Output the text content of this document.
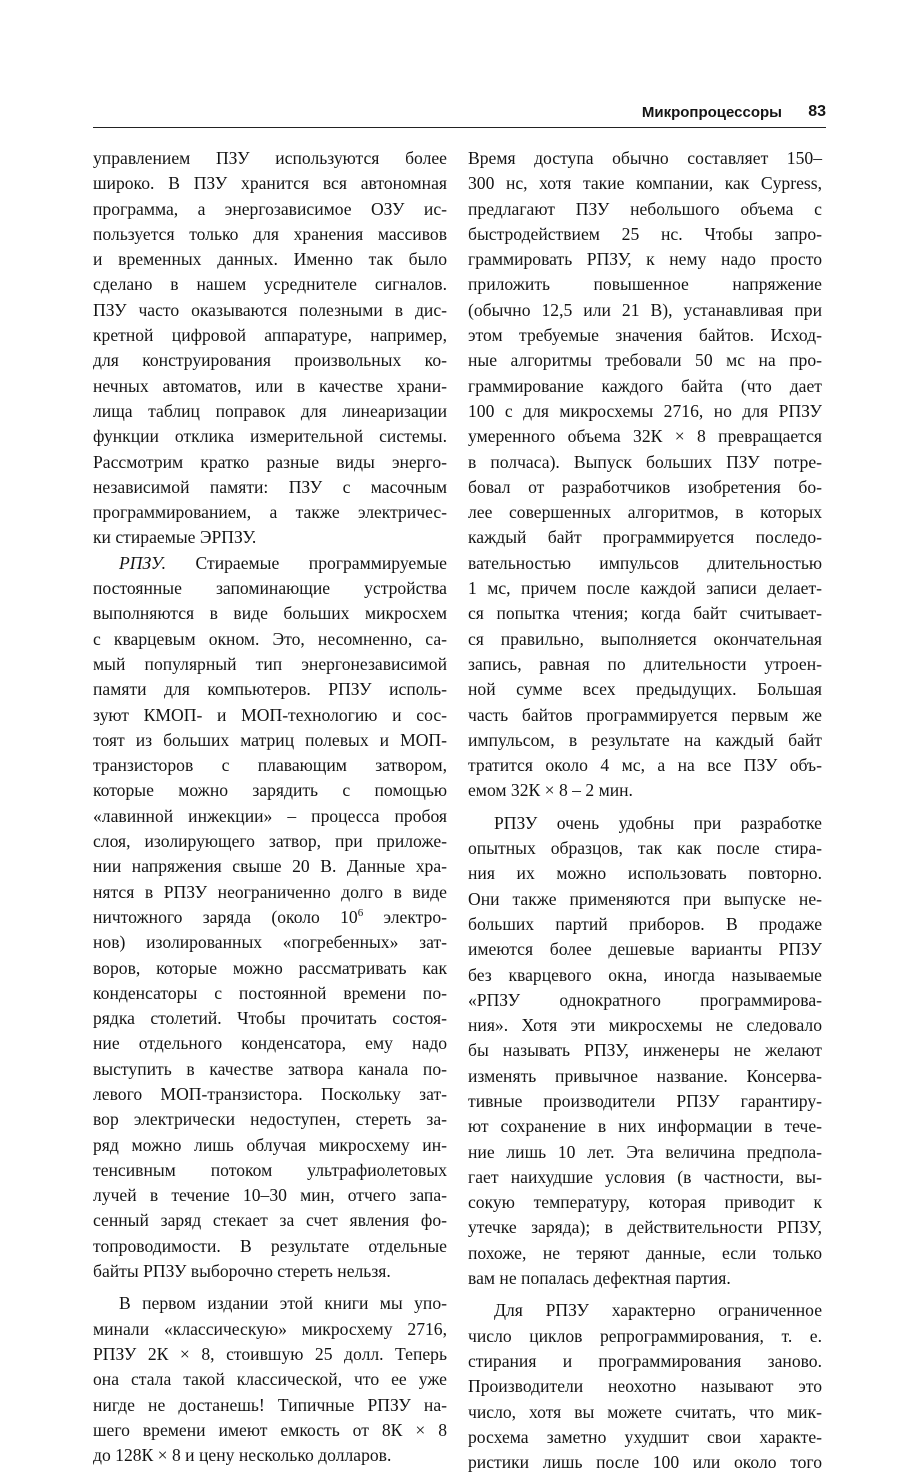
Микропроцессоры 83
управлением ПЗУ используются более
широко. В ПЗУ хранится вся автономная
программа, а энергозависимое ОЗУ ис-
пользуется только для хранения массивов
и временных данных. Именно так было
сделано в нашем усреднителе сигналов.
ПЗУ часто оказываются полезными в дис-
кретной цифровой аппаратуре, например,
для конструирования произвольных ко-
нечных автоматов, или в качестве храни-
лища таблиц поправок для линеаризации
функции отклика измерительной системы.
Рассмотрим кратко разные виды энерго-
независимой памяти: ПЗУ с масочным
программированием, а также электричес-
ки стираемые ЭРПЗУ.
РПЗУ. Стираемые программируемые
постоянные запоминающие устройства
выполняются в виде больших микросхем
с кварцевым окном. Это, несомненно, са-
мый популярный тип энергонезависимой
памяти для компьютеров. РПЗУ исполь-
зуют КМОП- и МОП-технологию и сос-
тоят из больших матриц полевых и МОП-
транзисторов с плавающим затвором,
которые можно зарядить с помощью
«лавинной инжекции» – процесса пробоя
слоя, изолирующего затвор, при приложе-
нии напряжения свыше 20 В. Данные хра-
нятся в РПЗУ неограниченно долго в виде
ничтожного заряда (около $10^6$ электро-
нов) изолированных «погребенных» зат-
воров, которые можно рассматривать как
конденсаторы с постоянной времени по-
рядка столетий. Чтобы прочитать состоя-
ние отдельного конденсатора, ему надо
выступить в качестве затвора канала по-
левого МОП-транзистора. Поскольку зат-
вор электрически недоступен, стереть за-
ряд можно лишь облучая микросхему ин-
тенсивным потоком ультрафиолетовых
лучей в течение 10–30 мин, отчего запа-
сенный заряд стекает за счет явления фо-
топроводимости. В результате отдельные
байты РПЗУ выборочно стереть нельзя.
В первом издании этой книги мы упо-
минали «классическую» микросхему 2716,
РПЗУ 2К × 8, стоившую 25 долл. Теперь
она стала такой классической, что ее уже
нигде не достанешь! Типичные РПЗУ на-
шего времени имеют емкость от 8К × 8
до 128К × 8 и цену несколько долларов.
Время доступа обычно составляет 150–
300 нс, хотя такие компании, как Cypress,
предлагают ПЗУ небольшого объема с
быстродействием 25 нс. Чтобы запро-
граммировать РПЗУ, к нему надо просто
приложить повышенное напряжение
(обычно 12,5 или 21 В), устанавливая при
этом требуемые значения байтов. Исход-
ные алгоритмы требовали 50 мс на про-
граммирование каждого байта (что дает
100 с для микросхемы 2716, но для РПЗУ
умеренного объема 32К × 8 превращается
в полчаса). Выпуск больших ПЗУ потре-
бовал от разработчиков изобретения бо-
лее совершенных алгоритмов, в которых
каждый байт программируется последо-
вательностью импульсов длительностью
1 мс, причем после каждой записи делает-
ся попытка чтения; когда байт считывает-
ся правильно, выполняется окончательная
запись, равная по длительности утроен-
ной сумме всех предыдущих. Большая
часть байтов программируется первым же
импульсом, в результате на каждый байт
тратится около 4 мс, а на все ПЗУ объ-
емом 32К × 8 – 2 мин.
РПЗУ очень удобны при разработке
опытных образцов, так как после стира-
ния их можно использовать повторно.
Они также применяются при выпуске не-
больших партий приборов. В продаже
имеются более дешевые варианты РПЗУ
без кварцевого окна, иногда называемые
«РПЗУ однократного программирова-
ния». Хотя эти микросхемы не следовало
бы называть РПЗУ, инженеры не желают
изменять привычное название. Консерва-
тивные производители РПЗУ гарантиру-
ют сохранение в них информации в тече-
ние лишь 10 лет. Эта величина предпола-
гает наихудшие условия (в частности, вы-
сокую температуру, которая приводит к
утечке заряда); в действительности РПЗУ,
похоже, не теряют данные, если только
вам не попалась дефектная партия.
Для РПЗУ характерно ограниченное
число циклов репрограммирования, т. е.
стирания и программирования заново.
Производители неохотно называют это
число, хотя вы можете считать, что мик-
росхема заметно ухудшит свои характе-
ристики лишь после 100 или около того
